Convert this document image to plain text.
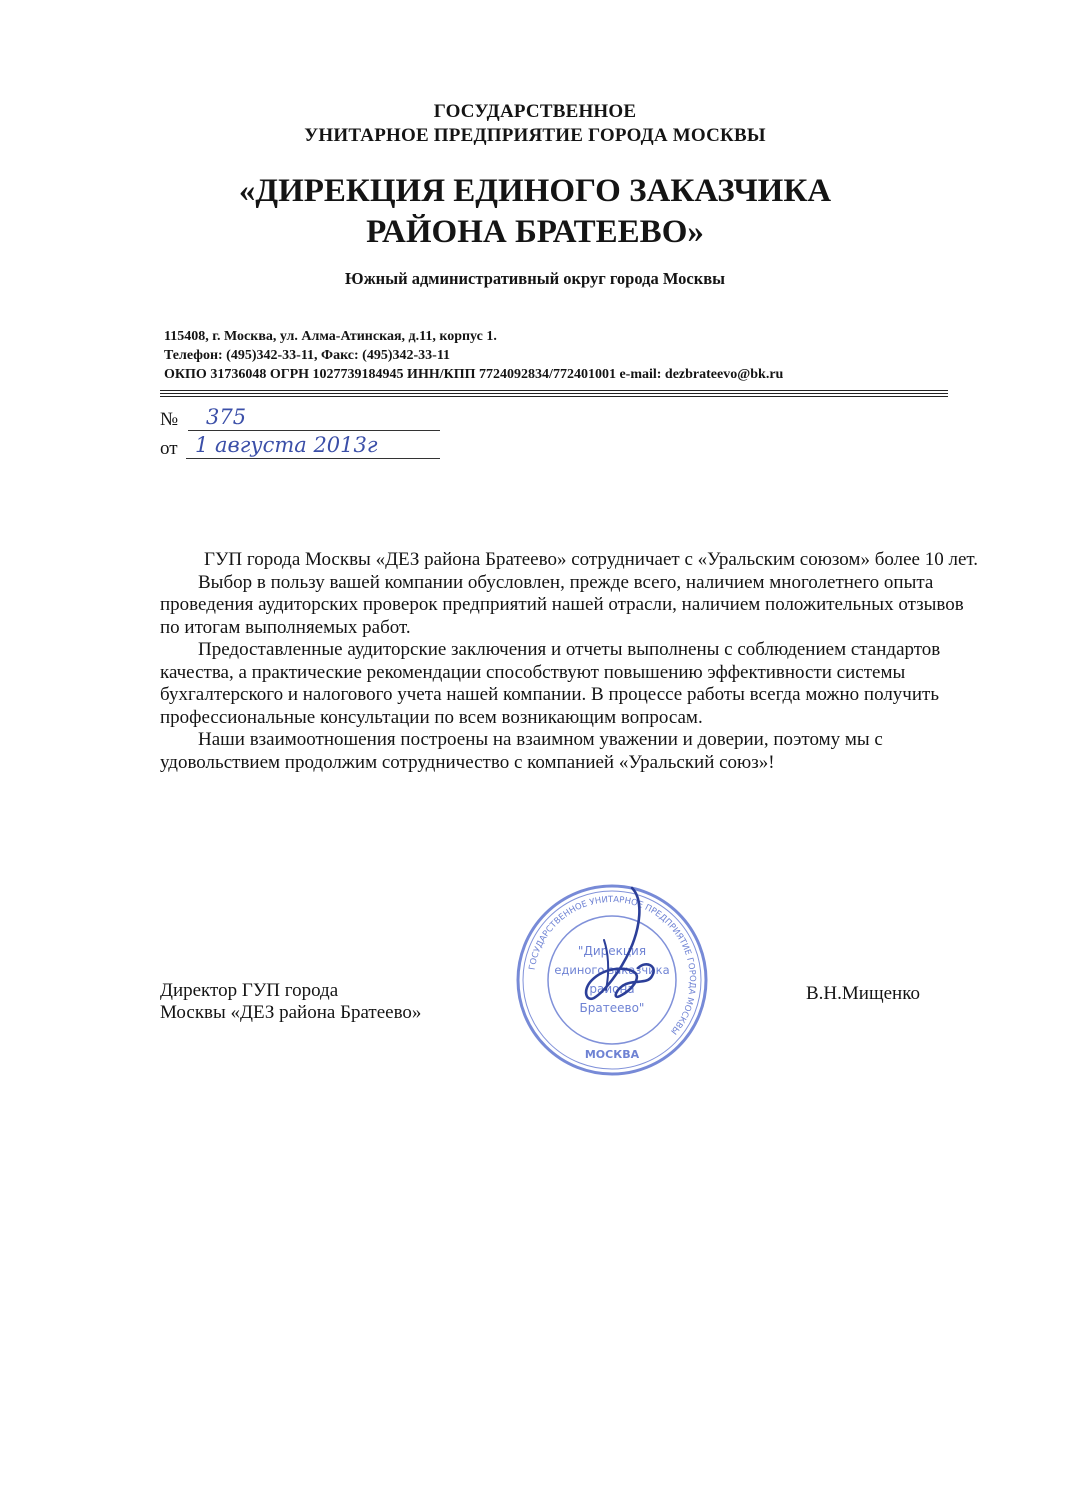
ГОСУДАРСТВЕННОЕ
УНИТАРНОЕ ПРЕДПРИЯТИЕ ГОРОДА МОСКВЫ
«ДИРЕКЦИЯ ЕДИНОГО ЗАКАЗЧИКА
РАЙОНА БРАТЕЕВО»
Южный административный округ города Москвы
115408, г. Москва, ул. Алма-Атинская, д.11, корпус 1.
Телефон: (495)342-33-11, Факс: (495)342-33-11
ОКПО 31736048 ОГРН 1027739184945 ИНН/КПП 7724092834/772401001 e-mail: dezbrateevo@bk.ru
№ 375
от 1 августа 2013г

ГУП города Москвы «ДЕЗ района Братеево» сотрудничает с «Уральским союзом» более 10 лет.

Выбор в пользу вашей компании обусловлен, прежде всего, наличием многолетнего опыта проведения аудиторских проверок предприятий нашей отрасли, наличием положительных отзывов по итогам выполняемых работ.

Предоставленные аудиторские заключения и отчеты выполнены с соблюдением стандартов качества, а практические рекомендации способствуют повышению эффективности системы бухгалтерского и налогового учета нашей компании. В процессе работы всегда можно получить профессиональные консультации по всем возникающим вопросам.

Наши взаимоотношения построены на взаимном уважении и доверии, поэтому мы с удовольствием продолжим сотрудничество с компанией «Уральский союз»!

Директор ГУП города
Москвы «ДЕЗ района Братеево»
ГОСУДАРСТВЕННОЕ УНИТАРНОЕ ПРЕДПРИЯТИЕ ГОРОДА МОСКВЫ
МОСКВА
"Дирекция
единого заказчика
района
Братеево"
В.Н.Мищенко
